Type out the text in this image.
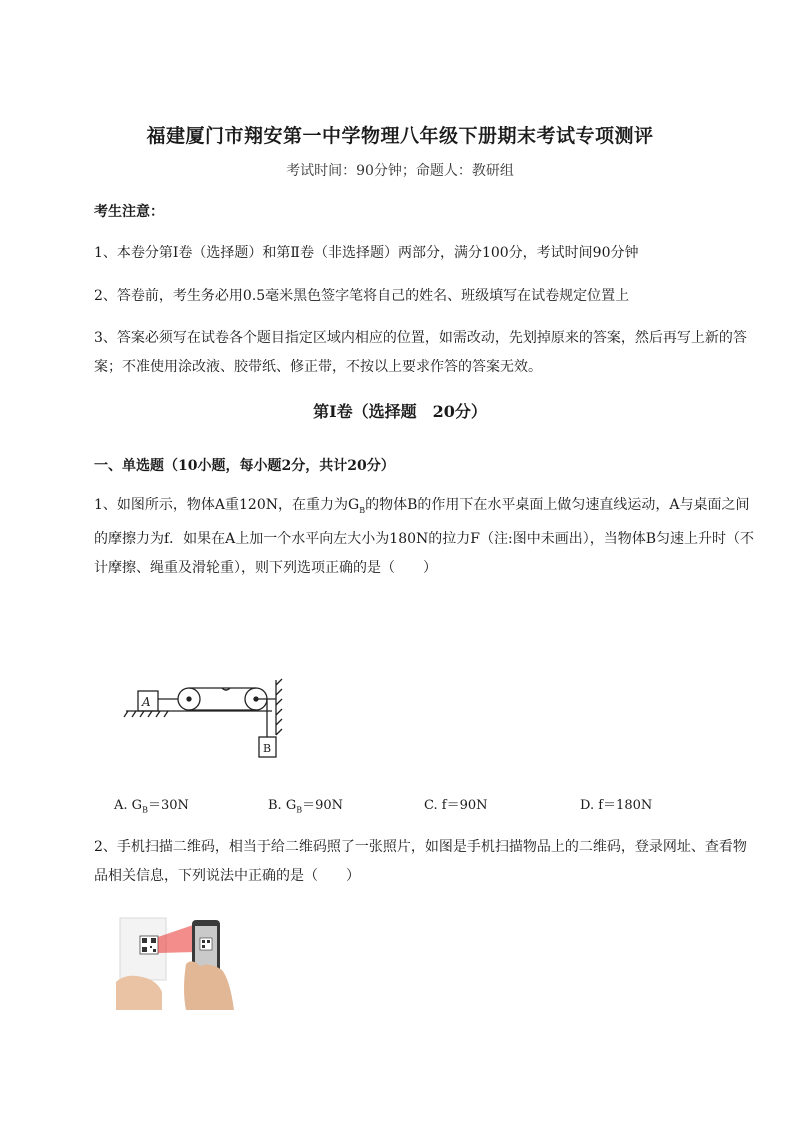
福建厦门市翔安第一中学物理八年级下册期末考试专项测评
考试时间：90分钟；命题人：教研组
考生注意：
1、本卷分第I卷（选择题）和第Ⅱ卷（非选择题）两部分，满分100分，考试时间90分钟
2、答卷前，考生务必用0.5毫米黑色签字笔将自己的姓名、班级填写在试卷规定位置上
3、答案必须写在试卷各个题目指定区域内相应的位置，如需改动，先划掉原来的答案，然后再写上新的答案；不准使用涂改液、胶带纸、修正带，不按以上要求作答的答案无效。
第I卷（选择题　20分）
一、单选题（10小题，每小题2分，共计20分）
1、如图所示，物体A重120N，在重力为$G_B$的物体B的作用下在水平桌面上做匀速直线运动，A与桌面之间的摩擦力为f．如果在A上加一个水平向左大小为180N的拉力F（注:图中未画出），当物体B匀速上升时（不计摩擦、绳重及滑轮重），则下列选项正确的是（　　）
A
B
A. $G_B=30N$	B. $G_B=90N$	C. f＝90N	D. f＝180N
2、手机扫描二维码，相当于给二维码照了一张照片，如图是手机扫描物品上的二维码，登录网址、查看物品相关信息，下列说法中正确的是（　　）
